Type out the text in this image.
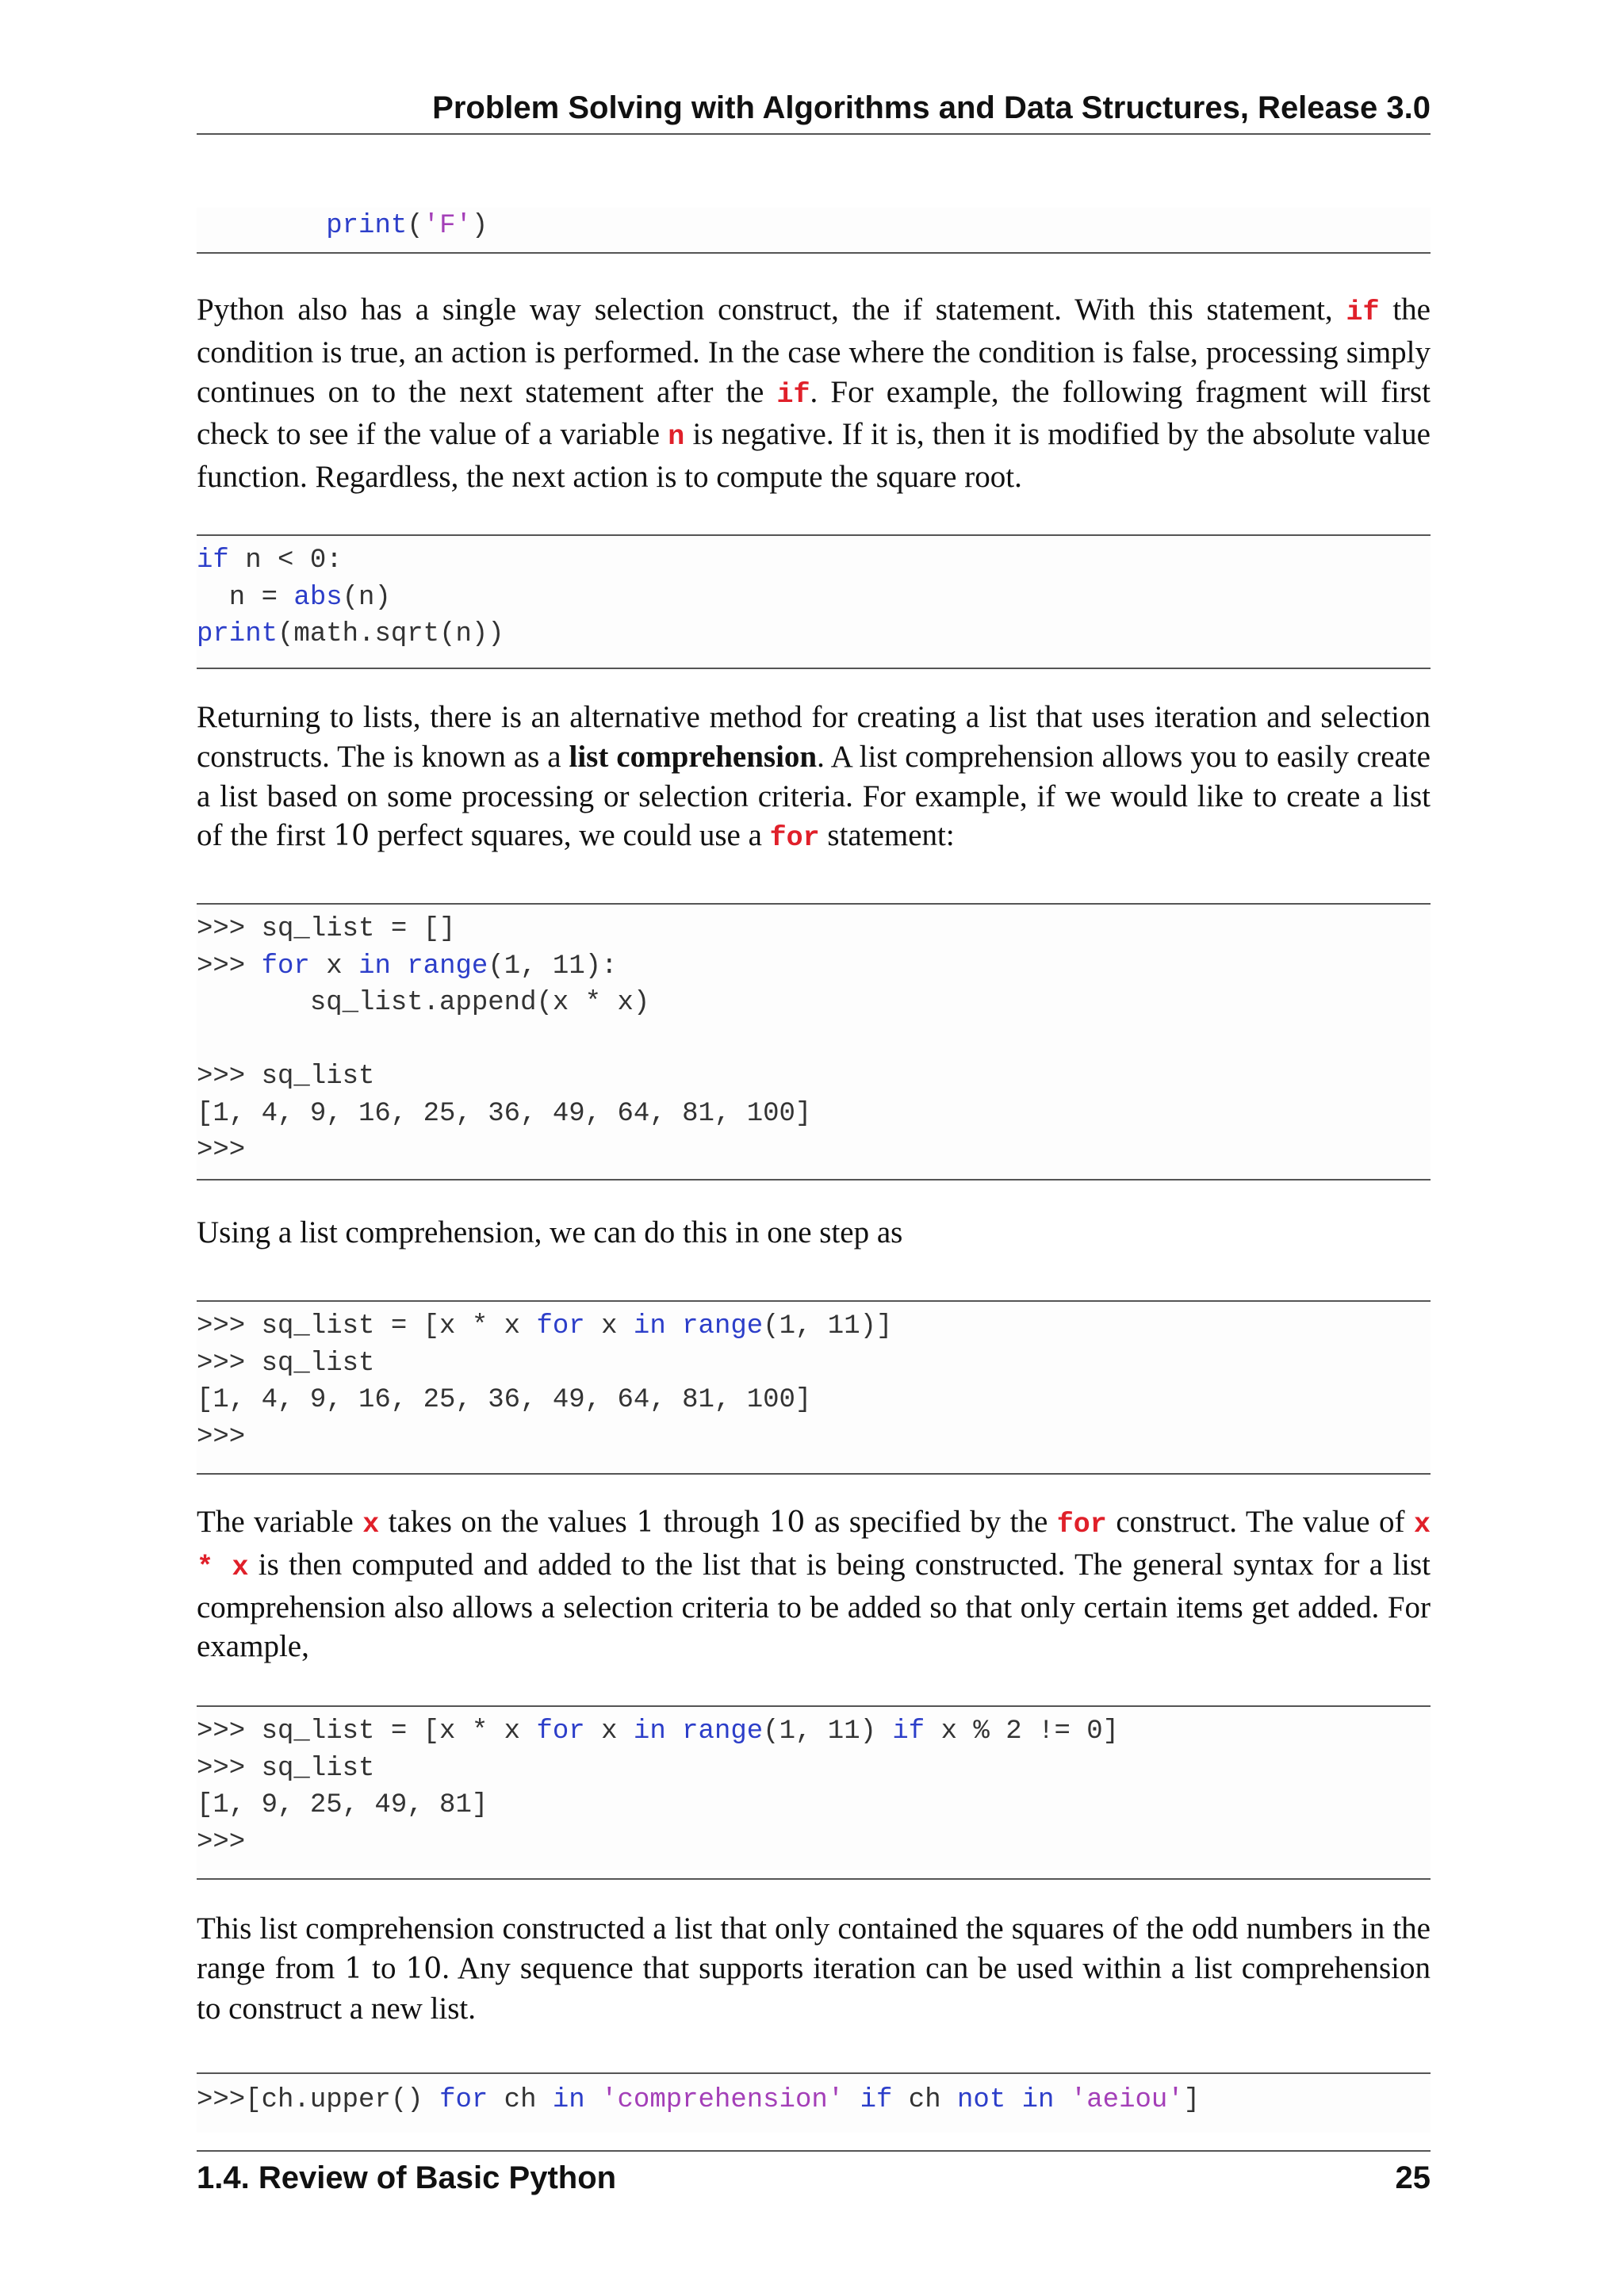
Problem Solving with Algorithms and Data Structures, Release 3.0
print('F')
Python also has a single way selection construct, the if statement. With this statement, if the condition is true, an action is performed. In the case where the condition is false, processing simply continues on to the next statement after the if. For example, the following fragment will first check to see if the value of a variable n is negative. If it is, then it is modified by the absolute value function. Regardless, the next action is to compute the square root.
if n < 0:
n = abs(n)
print(math.sqrt(n))
Returning to lists, there is an alternative method for creating a list that uses iteration and selection constructs. The is known as a list comprehension. A list comprehension allows you to easily create a list based on some processing or selection criteria. For example, if we would like to create a list of the first 10 perfect squares, we could use a for statement:
>>> sq_list = []
>>> for x in range(1, 11):
sq_list.append(x * x)
>>> sq_list
[1, 4, 9, 16, 25, 36, 49, 64, 81, 100]
>>>
Using a list comprehension, we can do this in one step as
>>> sq_list = [x * x for x in range(1, 11)]
>>> sq_list
[1, 4, 9, 16, 25, 36, 49, 64, 81, 100]
>>>
The variable x takes on the values 1 through 10 as specified by the for construct. The value of x * x is then computed and added to the list that is being constructed. The general syntax for a list comprehension also allows a selection criteria to be added so that only certain items get added. For example,
>>> sq_list = [x * x for x in range(1, 11) if x % 2 != 0]
>>> sq_list
[1, 9, 25, 49, 81]
>>>
This list comprehension constructed a list that only contained the squares of the odd numbers in the range from 1 to 10. Any sequence that supports iteration can be used within a list comprehension to construct a new list.
>>>[ch.upper() for ch in 'comprehension' if ch not in 'aeiou']
1.4. Review of Basic Python	25
